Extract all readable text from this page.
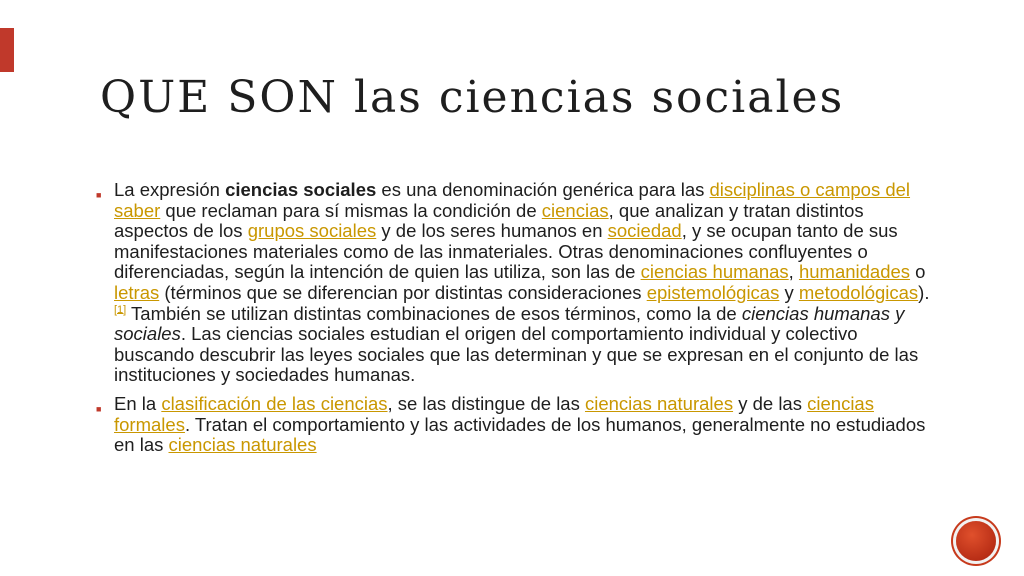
QUE SON las ciencias sociales
■ La expresión ciencias sociales es una denominación genérica para las disciplinas o campos del saber que reclaman para sí mismas la condición de ciencias, que analizan y tratan distintos aspectos de los grupos sociales y de los seres humanos en sociedad, y se ocupan tanto de sus manifestaciones materiales como de las inmateriales. Otras denominaciones confluyentes o diferenciadas, según la intención de quien las utiliza, son las de ciencias humanas, humanidades o letras (términos que se diferencian por distintas consideraciones epistemológicas y metodológicas).[1] También se utilizan distintas combinaciones de esos términos, como la de ciencias humanas y sociales. Las ciencias sociales estudian el origen del comportamiento individual y colectivo buscando descubrir las leyes sociales que las determinan y que se expresan en el conjunto de las instituciones y sociedades humanas.
■ En la clasificación de las ciencias, se las distingue de las ciencias naturales y de las ciencias formales. Tratan el comportamiento y las actividades de los humanos, generalmente no estudiados en las ciencias naturales
